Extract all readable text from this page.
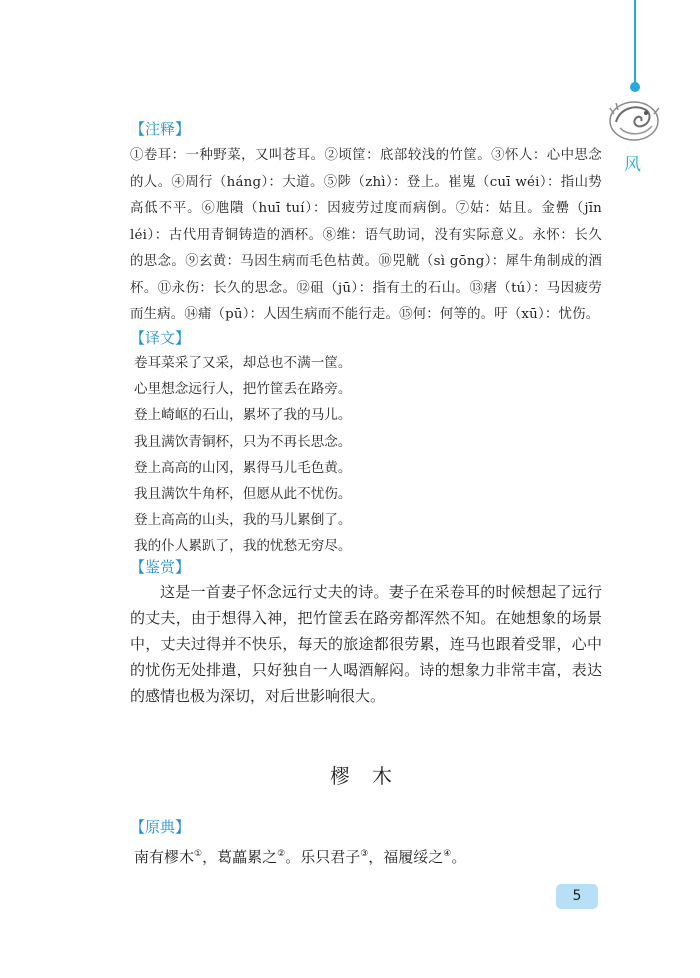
风
【注释】

①卷耳：一种野菜，又叫苍耳。②顷筐：底部较浅的竹筐。③怀人：心中思念的人。④周行（háng）：大道。⑤陟（zhì）：登上。崔嵬（cuī wéi）：指山势高低不平。⑥虺隤（huī tuí）：因疲劳过度而病倒。⑦姑：姑且。金罍（jīn léi）：古代用青铜铸造的酒杯。⑧维：语气助词，没有实际意义。永怀：长久的思念。⑨玄黄：马因生病而毛色枯黄。⑩兕觥（sì gōng）：犀牛角制成的酒杯。⑪永伤：长久的思念。⑫砠（jū）：指有土的石山。⑬瘏（tú）：马因疲劳而生病。⑭痡（pū）：人因生病而不能行走。⑮何：何等的。吁（xū）：忧伤。

【译文】
卷耳菜采了又采，却总也不满一筐。
心里想念远行人，把竹筐丢在路旁。
登上崎岖的石山，累坏了我的马儿。
我且满饮青铜杯，只为不再长思念。
登上高高的山冈，累得马儿毛色黄。
我且满饮牛角杯，但愿从此不忧伤。
登上高高的山头，我的马儿累倒了。
我的仆人累趴了，我的忧愁无穷尽。
【鉴赏】

这是一首妻子怀念远行丈夫的诗。妻子在采卷耳的时候想起了远行的丈夫，由于想得入神，把竹筐丢在路旁都浑然不知。在她想象的场景中，丈夫过得并不快乐，每天的旅途都很劳累，连马也跟着受罪，心中的忧伤无处排遣，只好独自一人喝酒解闷。诗的想象力非常丰富，表达的感情也极为深切，对后世影响很大。

樛木
【原典】
南有樛木①，葛藟累之②。乐只君子③，福履绥之④。
5
